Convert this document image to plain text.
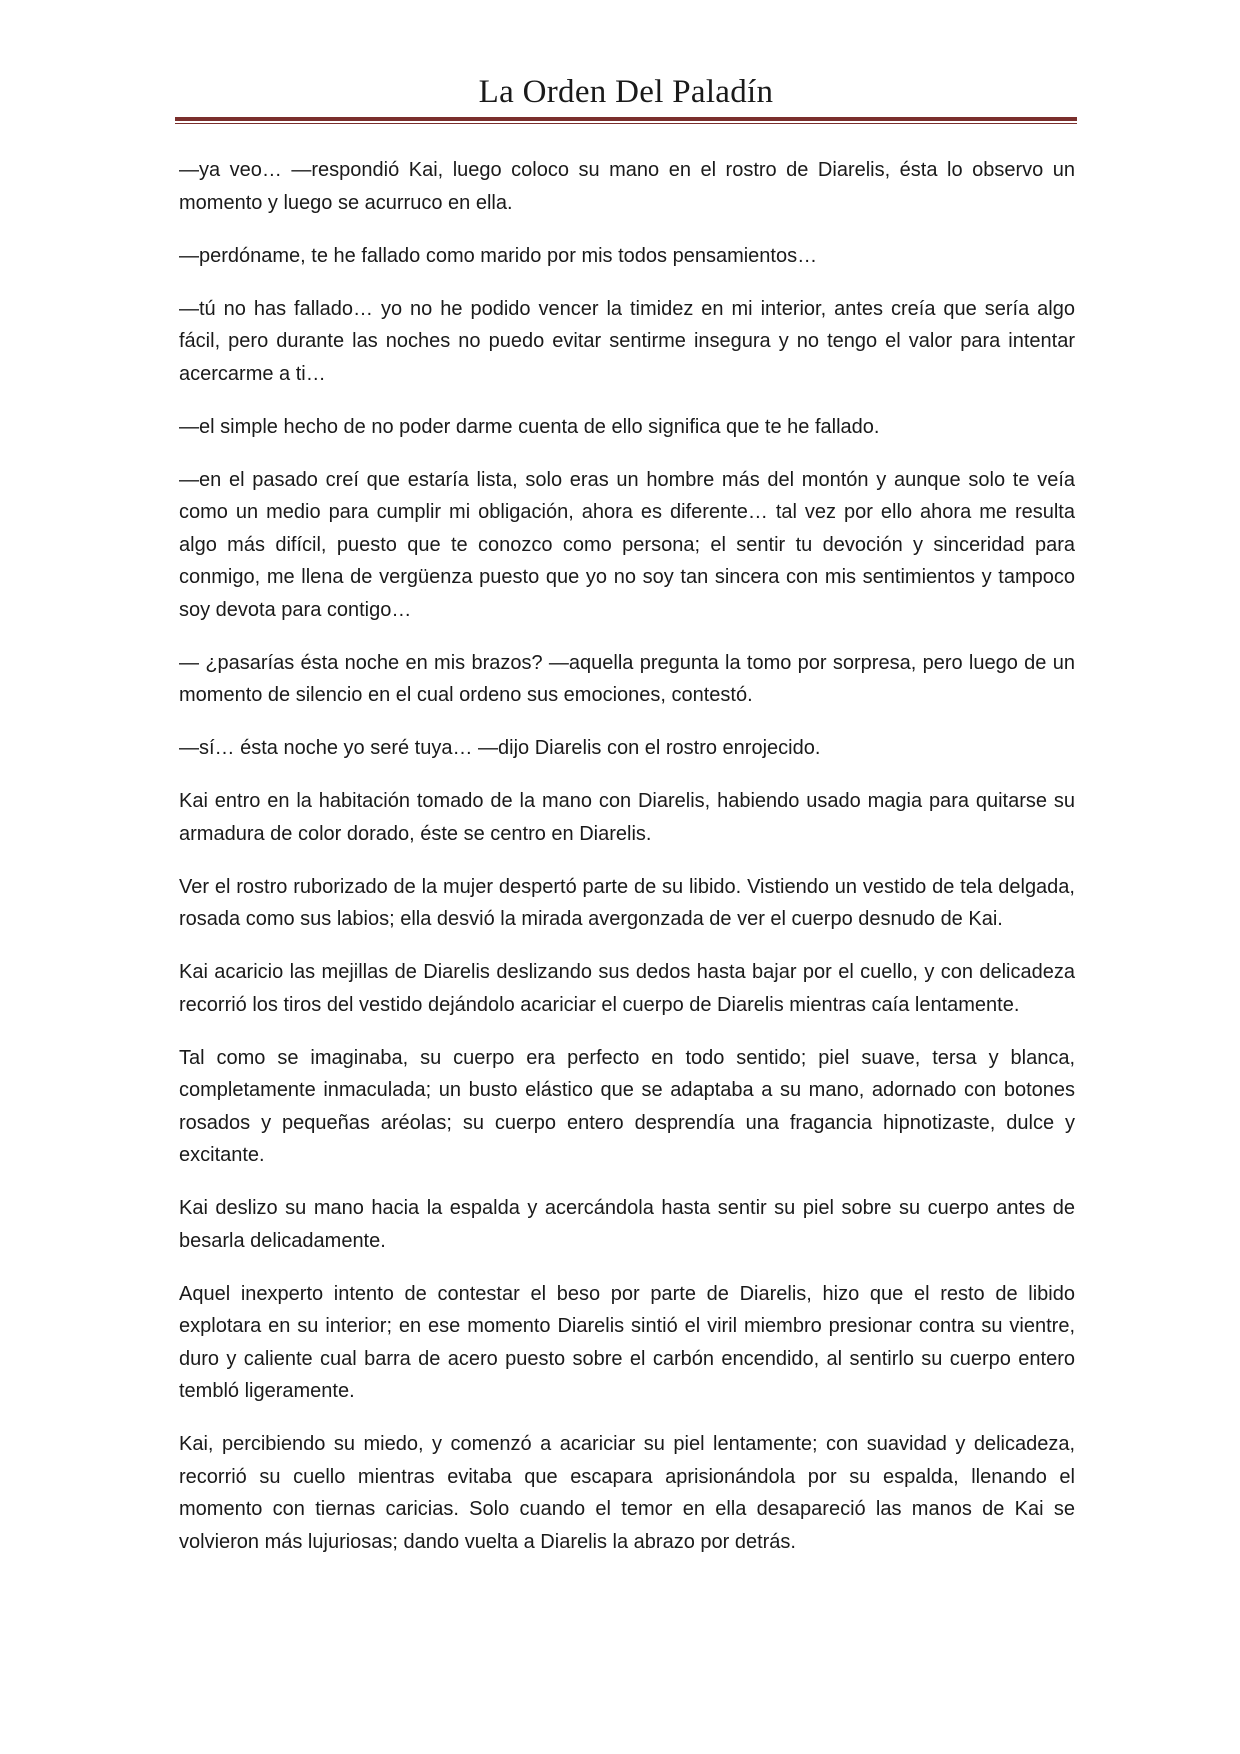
La Orden Del Paladín

—ya veo… —respondió Kai, luego coloco su mano en el rostro de Diarelis, ésta lo observo un momento y luego se acurruco en ella.

—perdóname, te he fallado como marido por mis todos pensamientos…

—tú no has fallado… yo no he podido vencer la timidez en mi interior, antes creía que sería algo fácil, pero durante las noches no puedo evitar sentirme insegura y no tengo el valor para intentar acercarme a ti…

—el simple hecho de no poder darme cuenta de ello significa que te he fallado.

—en el pasado creí que estaría lista, solo eras un hombre más del montón y aunque solo te veía como un medio para cumplir mi obligación, ahora es diferente… tal vez por ello ahora me resulta algo más difícil, puesto que te conozco como persona; el sentir tu devoción y sinceridad para conmigo, me llena de vergüenza puesto que yo no soy tan sincera con mis sentimientos y tampoco soy devota para contigo…

— ¿pasarías ésta noche en mis brazos? —aquella pregunta la tomo por sorpresa, pero luego de un momento de silencio en el cual ordeno sus emociones, contestó.

—sí… ésta noche yo seré tuya… —dijo Diarelis con el rostro enrojecido.

Kai entro en la habitación tomado de la mano con Diarelis, habiendo usado magia para quitarse su armadura de color dorado, éste se centro en Diarelis.

Ver el rostro ruborizado de la mujer despertó parte de su libido. Vistiendo un vestido de tela delgada, rosada como sus labios; ella desvió la mirada avergonzada de ver el cuerpo desnudo de Kai.

Kai acaricio las mejillas de Diarelis deslizando sus dedos hasta bajar por el cuello, y con delicadeza recorrió los tiros del vestido dejándolo acariciar el cuerpo de Diarelis mientras caía lentamente.

Tal como se imaginaba, su cuerpo era perfecto en todo sentido; piel suave, tersa y blanca, completamente inmaculada; un busto elástico que se adaptaba a su mano, adornado con botones rosados y pequeñas aréolas; su cuerpo entero desprendía una fragancia hipnotizaste, dulce y excitante.

Kai deslizo su mano hacia la espalda y acercándola hasta sentir su piel sobre su cuerpo antes de besarla delicadamente.

Aquel inexperto intento de contestar el beso por parte de Diarelis, hizo que el resto de libido explotara en su interior; en ese momento Diarelis sintió el viril miembro presionar contra su vientre, duro y caliente cual barra de acero puesto sobre el carbón encendido, al sentirlo su cuerpo entero tembló ligeramente.

Kai, percibiendo su miedo, y comenzó a acariciar su piel lentamente; con suavidad y delicadeza, recorrió su cuello mientras evitaba que escapara aprisionándola por su espalda, llenando el momento con tiernas caricias. Solo cuando el temor en ella desapareció las manos de Kai se volvieron más lujuriosas; dando vuelta a Diarelis la abrazo por detrás.
